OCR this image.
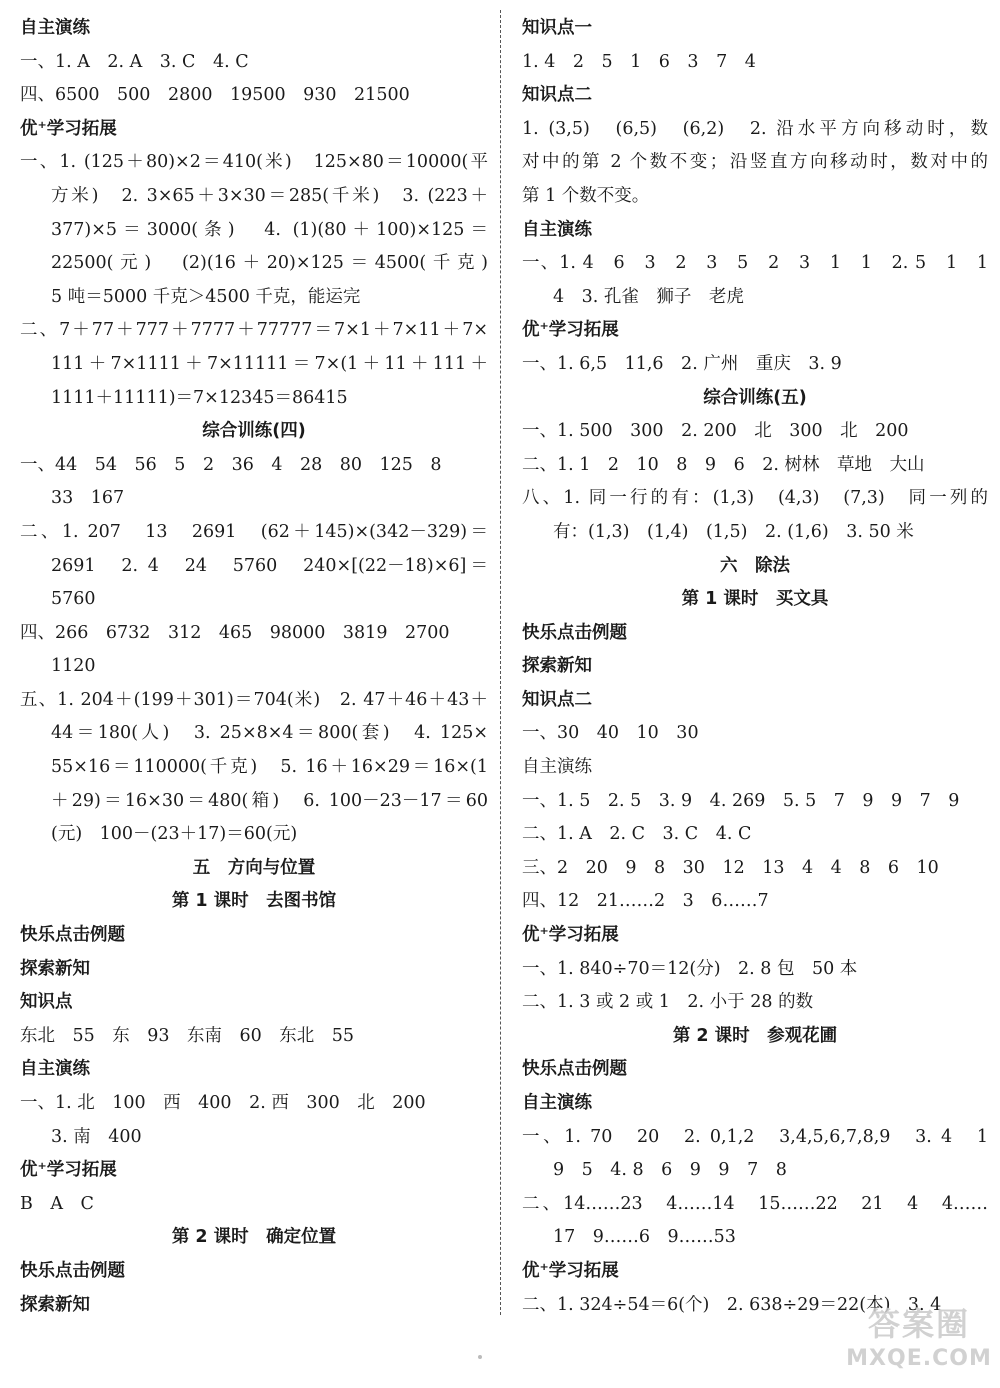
自主演练
一、1. A　2. A　3. C　4. C
四、6500　500　2800　19500　930　21500
优⁺学习拓展
一、1. (125＋80)×2＝410(米)　125×80＝10000(平
方米)　2. 3×65＋3×30＝285(千米)　3. (223＋
377)×5＝3000(条)　4. (1)(80＋100)×125＝
22500(元)　(2)(16＋20)×125＝4500(千克)
5 吨＝5000 千克＞4500 千克，能运完
二、7＋77＋777＋7777＋77777＝7×1＋7×11＋7×
111＋7×1111＋7×11111＝7×(1＋11＋111＋
1111＋11111)＝7×12345＝86415
综合训练(四)
一、44　54　56　5　2　36　4　28　80　125　8
33　167
二、1. 207　13　2691　(62＋145)×(342－329)＝
2691　2. 4　24　5760　240×[(22－18)×6]＝
5760
四、266　6732　312　465　98000　3819　2700
1120
五、1. 204＋(199＋301)＝704(米)　2. 47＋46＋43＋
44＝180(人)　3. 25×8×4＝800(套)　4. 125×
55×16＝110000(千克)　5. 16＋16×29＝16×(1
＋29)＝16×30＝480(箱)　6. 100－23－17＝60
(元)　100－(23＋17)＝60(元)
五　方向与位置
第 1 课时　去图书馆
快乐点击例题
探索新知
知识点
东北　55　东　93　东南　60　东北　55
自主演练
一、1. 北　100　西　400　2. 西　300　北　200
3. 南　400
优⁺学习拓展
B　A　C
第 2 课时　确定位置
快乐点击例题
探索新知
知识点一
1. 4　2　5　1　6　3　7　4
知识点二
1. (3,5)　(6,5)　(6,2)　2. 沿水平方向移动时，数
对中的第 2 个数不变；沿竖直方向移动时，数对中的
第 1 个数不变。
自主演练
一、1. 4　6　3　2　3　5　2　3　1　1　2. 5　1　1
4　3. 孔雀　狮子　老虎
优⁺学习拓展
一、1. 6,5　11,6　2. 广州　重庆　3. 9
综合训练(五)
一、1. 500　300　2. 200　北　300　北　200
二、1. 1　2　10　8　9　6　2. 树林　草地　大山
八、1. 同一行的有：(1,3)　(4,3)　(7,3)　同一列的
有：(1,3)　(1,4)　(1,5)　2. (1,6)　3. 50 米
六　除法
第 1 课时　买文具
快乐点击例题
探索新知
知识点二
一、30　40　10　30
自主演练
一、1. 5　2. 5　3. 9　4. 269　5. 5　7　9　9　7　9
二、1. A　2. C　3. C　4. C
三、2　20　9　8　30　12　13　4　4　8　6　10
四、12　21……2　3　6……7
优⁺学习拓展
一、1. 840÷70＝12(分)　2. 8 包　50 本
二、1. 3 或 2 或 1　2. 小于 28 的数
第 2 课时　参观花圃
快乐点击例题
自主演练
一、1. 70　20　2. 0,1,2　3,4,5,6,7,8,9　3. 4　1
9　5　4. 8　6　9　9　7　8
二、14……23　4……14　15……22　21　4　4……
17　9……6　9……53
优⁺学习拓展
二、1. 324÷54＝6(个)　2. 638÷29＝22(本)　3. 4
答案圈
MXQE.COM
